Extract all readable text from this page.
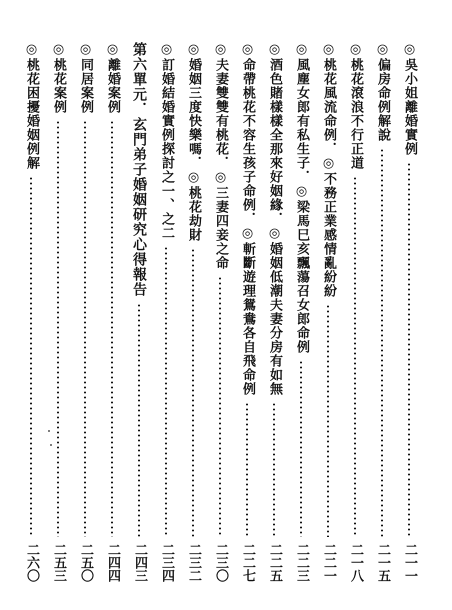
◎吳小姐離婚實例
二一一
◎偏房命例解說
二一五
◎桃花滾浪不行正道
二一八
◎桃花風流命例．◎不務正業感情亂紛紛
二二一
◎風塵女郎有私生子．◎梁馬巳亥飄蕩召女郎命例
二二三
◎酒色賭樣樣全那來好姻緣．◎婚姻低潮夫妻分房有如無
二二五
◎命帶桃花不容生孩子命例．◎斬斷遊理鴛鴦各自飛命例
二二七
◎夫妻雙雙有桃花．◎三妻四妾之命
二三〇
◎婚姻三度快樂嗎．◎桃花劫財
二三二
◎訂婚結婚實例探討之一、之二
二三四
第六單元．玄門弟子婚姻研究心得報告
二四三
◎離婚案例
二四四
◎同居案例
二五〇
◎桃花案例
二五三
◎桃花困擾婚姻例解
二六〇
